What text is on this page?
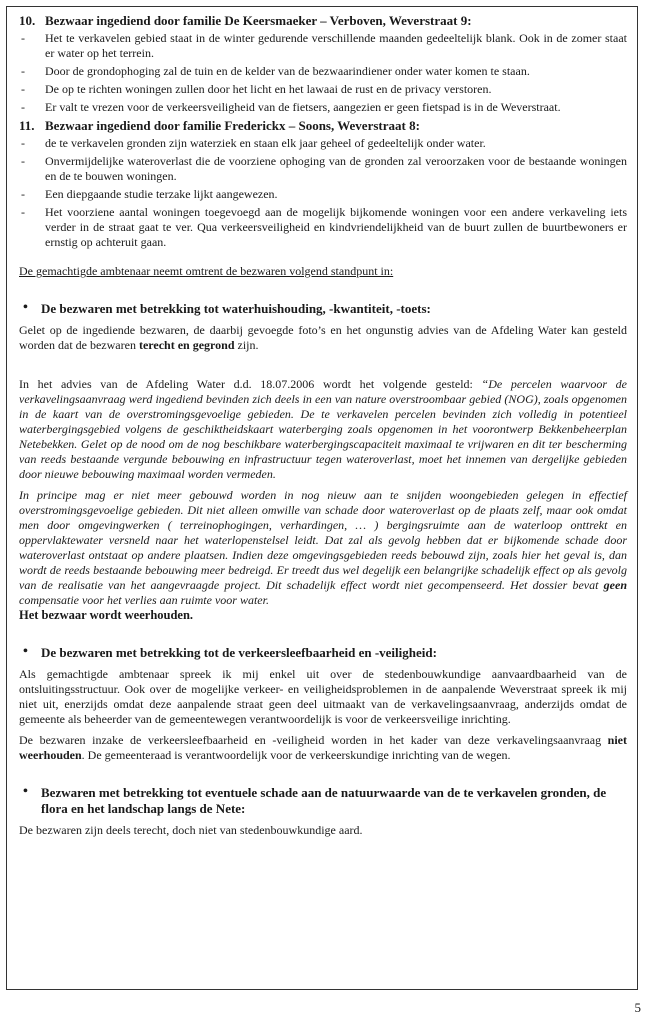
10. Bezwaar ingediend door familie De Keersmaeker – Verboven, Weverstraat 9:
- Het te verkavelen gebied staat in de winter gedurende verschillende maanden gedeeltelijk blank. Ook in de zomer staat er water op het terrein.
- Door de grondophoging zal de tuin en de kelder van de bezwaarindiener onder water komen te staan.
- De op te richten woningen zullen door het licht en het lawaai de rust en de privacy verstoren.
- Er valt te vrezen voor de verkeersveiligheid van de fietsers, aangezien er geen fietspad is in de Weverstraat.
11. Bezwaar ingediend door familie Frederickx – Soons, Weverstraat 8:
- de te verkavelen gronden zijn waterziek en staan elk jaar geheel of gedeeltelijk onder water.
- Onvermijdelijke wateroverlast die de voorziene ophoging van de gronden zal veroorzaken voor de bestaande woningen en de te bouwen woningen.
- Een diepgaande studie terzake lijkt aangewezen.
- Het voorziene aantal woningen toegevoegd aan de mogelijk bijkomende woningen voor een andere verkaveling iets verder in de straat gaat te ver. Qua verkeersveiligheid en kindvriendelijkheid van de buurt zullen de buurtbewoners er ernstig op achteruit gaan.
De gemachtigde ambtenaar neemt omtrent de bezwaren volgend standpunt in:
• De bezwaren met betrekking tot waterhuishouding, -kwantiteit, -toets:

Gelet op de ingediende bezwaren, de daarbij gevoegde foto’s en het ongunstig advies van de Afdeling Water kan gesteld worden dat de bezwaren terecht en gegrond zijn.

In het advies van de Afdeling Water d.d. 18.07.2006 wordt het volgende gesteld: “De percelen waarvoor de verkavelingsaanvraag werd ingediend bevinden zich deels in een van nature overstroombaar gebied (NOG), zoals opgenomen in de kaart van de overstromingsgevoelige gebieden. De te verkavelen percelen bevinden zich volledig in potentieel waterbergingsgebied volgens de geschiktheidskaart waterberging zoals opgenomen in het voorontwerp Bekkenbeheerplan Netebekken. Gelet op de nood om de nog beschikbare waterbergingscapaciteit maximaal te vrijwaren en dit ter bescherming van reeds bestaande vergunde bebouwing en infrastructuur tegen wateroverlast, moet het innemen van dergelijke gebieden door nieuwe bebouwing maximaal worden vermeden.

In principe mag er niet meer gebouwd worden in nog nieuw aan te snijden woongebieden gelegen in effectief overstromingsgevoelige gebieden. Dit niet alleen omwille van schade door wateroverlast op de plaats zelf, maar ook omdat men door omgevingwerken ( terreinophogingen, verhardingen, … ) bergingsruimte aan de waterloop onttrekt en oppervlaktewater versneld naar het waterlopenstelsel leidt. Dat zal als gevolg hebben dat er bijkomende schade door wateroverlast ontstaat op andere plaatsen. Indien deze omgevingsgebieden reeds bebouwd zijn, zoals hier het geval is, dan wordt de reeds bestaande bebouwing meer bedreigd. Er treedt dus wel degelijk een belangrijke schadelijk effect op als gevolg van de realisatie van het aangevraagde project. Dit schadelijk effect wordt niet gecompenseerd. Het dossier bevat geen compensatie voor het verlies aan ruimte voor water.

Het bezwaar wordt weerhouden.
• De bezwaren met betrekking tot de verkeersleefbaarheid en -veiligheid:

Als gemachtigde ambtenaar spreek ik mij enkel uit over de stedenbouwkundige aanvaardbaarheid van de ontsluitingsstructuur. Ook over de mogelijke verkeer- en veiligheidsproblemen in de aanpalende Weverstraat spreek ik mij niet uit, enerzijds omdat deze aanpalende straat geen deel uitmaakt van de verkavelingsaanvraag, anderzijds omdat de gemeente als beheerder van de gemeentewegen verantwoordelijk is voor de verkeersveilige inrichting.

De bezwaren inzake de verkeersleefbaarheid en -veiligheid worden in het kader van deze verkavelingsaanvraag niet weerhouden. De gemeenteraad is verantwoordelijk voor de verkeerskundige inrichting van de wegen.

• Bezwaren met betrekking tot eventuele schade aan de natuurwaarde van de te verkavelen gronden, de flora en het landschap langs de Nete:

De bezwaren zijn deels terecht, doch niet van stedenbouwkundige aard.

5
